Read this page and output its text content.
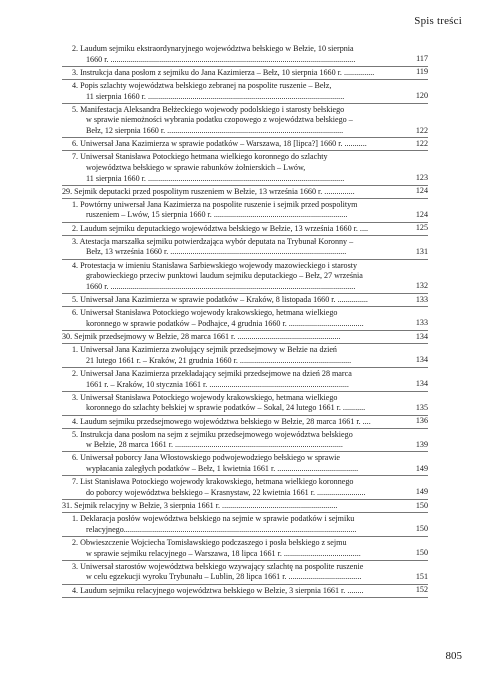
Spis treści
2. Laudum sejmiku ekstraordynaryjnego województwa bełskiego w Bełzie, 10 sierpnia
1660 r. .........................................................................................................................	117
3. Instrukcja dana posłom z sejmiku do Jana Kazimierza – Bełz, 10 sierpnia 1660 r. ...............	119
4. Popis szlachty województwa bełskiego zebranej na pospolite ruszenie – Bełz,
11 sierpnia 1660 r. .................................................................................................	120
5. Manifestacja Aleksandra Bełżeckiego wojewody podolskiego i starosty bełskiego
w sprawie niemożności wybrania podatku czopowego z województwa bełskiego –
Bełz, 12 sierpnia 1660 r. .......................................................................................	122
6. Uniwersał Jana Kazimierza w sprawie podatków – Warszawa, 18 [lipca?] 1660 r. ...........	122
7. Uniwersał Stanisława Potockiego hetmana wielkiego koronnego do szlachty
województwa bełskiego w sprawie rabunków żołnierskich – Lwów,
11 sierpnia 1660 r. .................................................................................................	123
29. Sejmik deputacki przed pospolitym ruszeniem w Bełzie, 13 września 1660 r. ...............	124
1. Powtórny uniwersał Jana Kazimierza na pospolite ruszenie i sejmik przed pospolitym
ruszeniem – Lwów, 15 sierpnia 1660 r. ..................................................................	124
2. Laudum sejmiku deputackiego województwa bełskiego w Bełzie, 13 września 1660 r. ....	125
3. Atestacja marszałka sejmiku potwierdzająca wybór deputata na Trybunał Koronny –
Bełz, 13 września 1660 r. .......................................................................................	131
4. Protestacja w imieniu Stanisława Sarbiewskiego wojewody mazowieckiego i starosty
grabowieckiego przeciw punktowi laudum sejmiku deputackiego – Bełz, 27 września
1660 r. .........................................................................................................................	132
5. Uniwersał Jana Kazimierza w sprawie podatków – Kraków, 8 listopada 1660 r. ...............	133
6. Uniwersał Stanisława Potockiego wojewody krakowskiego, hetmana wielkiego
koronnego w sprawie podatków – Podhajce, 4 grudnia 1660 r. .....................................	133
30. Sejmik przedsejmowy w Bełzie, 28 marca 1661 r. ...................................................	134
1. Uniwersał Jana Kazimierza zwołujący sejmik przedsejmowy w Bełzie na dzień
21 lutego 1661 r. – Kraków, 21 grudnia 1660 r. .......................................................	134
2. Uniwersał Jana Kazimierza przekładający sejmiki przedsejmowe na dzień 28 marca
1661 r. – Kraków, 10 stycznia 1661 r. .....................................................................	134
3. Uniwersał Stanisława Potockiego wojewody krakowskiego, hetmana wielkiego
koronnego do szlachty bełskiej w sprawie podatków – Sokal, 24 lutego 1661 r. ...........	135
4. Laudum sejmiku przedsejmowego województwa bełskiego w Bełzie, 28 marca 1661 r. ....	136
5. Instrukcja dana posłom na sejm z sejmiku przedsejmowego województwa bełskiego
w Bełzie, 28 marca 1661 r. ...................................................................................	139
6. Uniwersał poborcy Jana Włostowskiego podwojewodziego bełskiego w sprawie
wypłacania zaległych podatków – Bełz, 1 kwietnia 1661 r. ........................................	149
7. List Stanisława Potockiego wojewody krakowskiego, hetmana wielkiego koronnego
do poborcy województwa bełskiego – Krasnystaw, 22 kwietnia 1661 r. ........................	149
31. Sejmik relacyjny w Bełzie, 3 sierpnia 1661 r. .........................................................	150
1. Deklaracja posłów województwa bełskiego na sejmie w sprawie podatków i sejmiku
relacyjnego...................................................................................................................	150
2. Obwieszczenie Wojciecha Tomisławskiego podczaszego i posła bełskiego z sejmu
w sprawie sejmiku relacyjnego – Warszawa, 18 lipca 1661 r. ......................................	150
3. Uniwersał starostów województwa bełskiego wzywający szlachtę na pospolite ruszenie
w celu egzekucji wyroku Trybunału – Lublin, 28 lipca 1661 r. ....................................	151
4. Laudum sejmiku relacyjnego województwa bełskiego w Bełzie, 3 sierpnia 1661 r. ........	152
805
